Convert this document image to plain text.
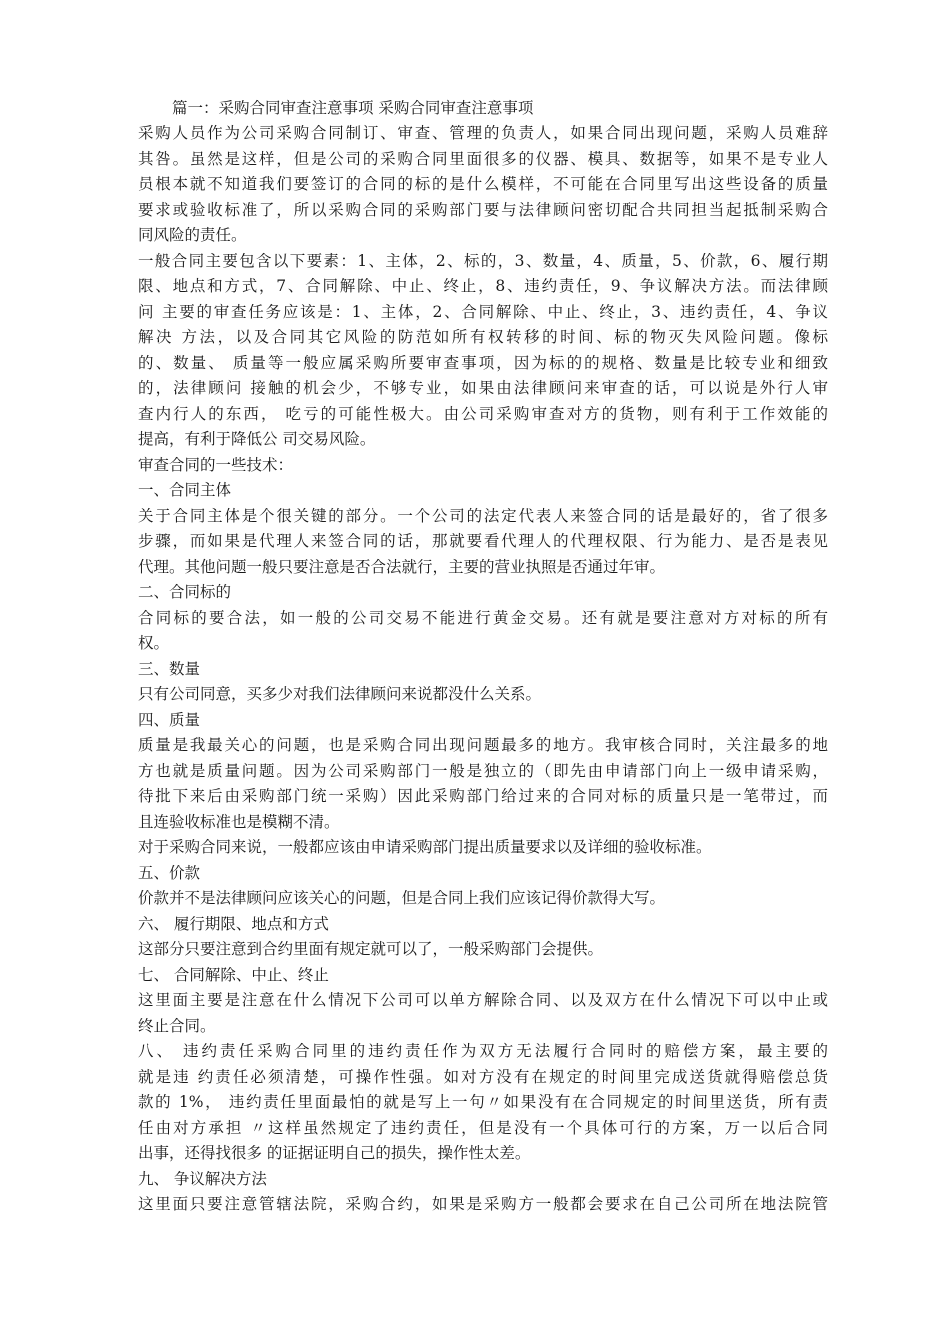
篇一：采购合同审查注意事项 采购合同审查注意事项
采购人员作为公司采购合同制订、审查、管理的负责人，如果合同出现问题，采购人员难辞
其咎。虽然是这样，但是公司的采购合同里面很多的仪器、模具、数据等，如果不是专业人
员根本就不知道我们要签订的合同的标的是什么模样，不可能在合同里写出这些设备的质量
要求或验收标准了，所以采购合同的采购部门要与法律顾问密切配合共同担当起抵制采购合
同风险的责任。
一般合同主要包含以下要素：1、主体，2、标的，3、数量，4、质量，5、价款，6、履行期
限、地点和方式，7、合同解除、中止、终止，8、违约责任，9、争议解决方法。而法律顾
问 主要的审查任务应该是：1、主体，2、合同解除、中止、终止，3、违约责任，4、争议
解决 方法，以及合同其它风险的防范如所有权转移的时间、标的物灭失风险问题。像标
的、数量、 质量等一般应属采购所要审查事项，因为标的的规格、数量是比较专业和细致
的，法律顾问 接触的机会少，不够专业，如果由法律顾问来审查的话，可以说是外行人审
查内行人的东西， 吃亏的可能性极大。由公司采购审查对方的货物，则有利于工作效能的
提高，有利于降低公 司交易风险。
审查合同的一些技术：
一、合同主体
关于合同主体是个很关键的部分。一个公司的法定代表人来签合同的话是最好的，省了很多
步骤，而如果是代理人来签合同的话，那就要看代理人的代理权限、行为能力、是否是表见
代理。其他问题一般只要注意是否合法就行，主要的营业执照是否通过年审。
二、合同标的
合同标的要合法，如一般的公司交易不能进行黄金交易。还有就是要注意对方对标的所有
权。
三、数量
只有公司同意，买多少对我们法律顾问来说都没什么关系。
四、质量
质量是我最关心的问题，也是采购合同出现问题最多的地方。我审核合同时，关注最多的地
方也就是质量问题。因为公司采购部门一般是独立的（即先由申请部门向上一级申请采购，
待批下来后由采购部门统一采购）因此采购部门给过来的合同对标的质量只是一笔带过，而
且连验收标准也是模糊不清。
对于采购合同来说，一般都应该由申请采购部门提出质量要求以及详细的验收标准。
五、价款
价款并不是法律顾问应该关心的问题，但是合同上我们应该记得价款得大写。
六、 履行期限、地点和方式
这部分只要注意到合约里面有规定就可以了，一般采购部门会提供。
七、 合同解除、中止、终止
这里面主要是注意在什么情况下公司可以单方解除合同、以及双方在什么情况下可以中止或
终止合同。
八、 违约责任采购合同里的违约责任作为双方无法履行合同时的赔偿方案，最主要的
就是违 约责任必须清楚，可操作性强。如对方没有在规定的时间里完成送货就得赔偿总货
款的 1%， 违约责任里面最怕的就是写上一句〃如果没有在合同规定的时间里送货，所有责
任由对方承担 〃这样虽然规定了违约责任，但是没有一个具体可行的方案，万一以后合同
出事，还得找很多 的证据证明自己的损失，操作性太差。
九、 争议解决方法
这里面只要注意管辖法院，采购合约，如果是采购方一般都会要求在自己公司所在地法院管
